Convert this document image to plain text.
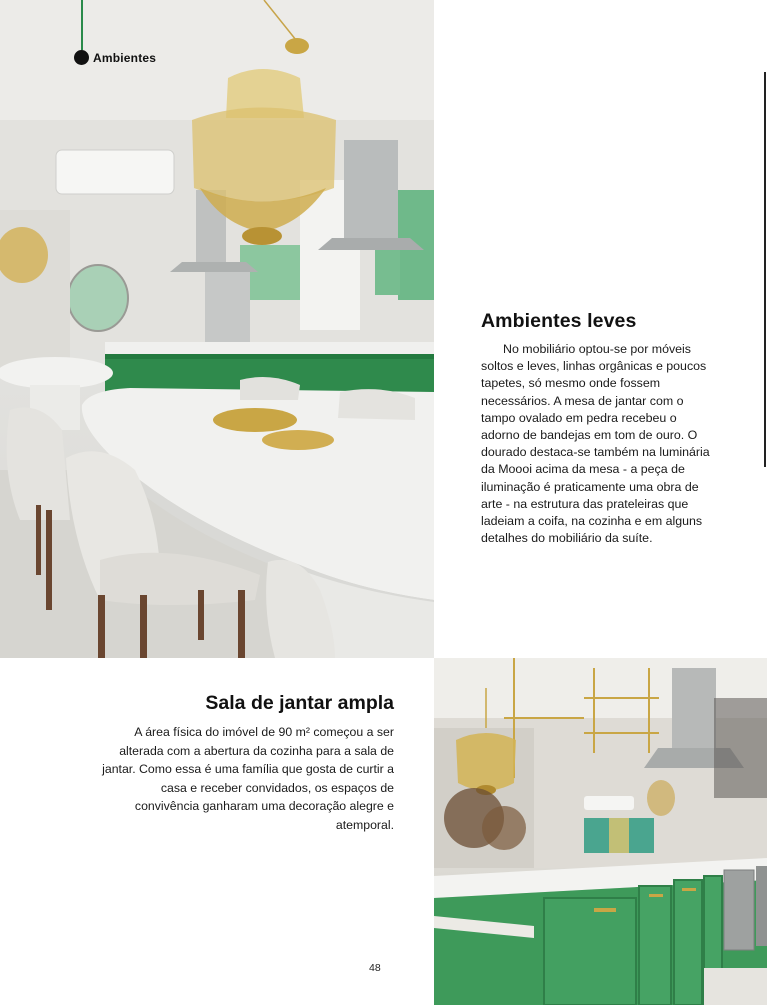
Ambientes
Ambientes leves

No mobiliário optou-se por móveis soltos e leves, linhas orgânicas e poucos tapetes, só mesmo onde fossem necessários. A mesa de jantar com o tampo ovalado em pedra recebeu o adorno de bandejas em tom de ouro. O dourado destaca-se também na luminária da Moooi acima da mesa - a peça de iluminação é praticamente uma obra de arte - na estrutura das prateleiras que ladeiam a coifa, na cozinha e em alguns detalhes do mobiliário da suíte.

Sala de jantar ampla

A área física do imóvel de 90 m² começou a ser alterada com a abertura da cozinha para a sala de jantar. Como essa é uma família que gosta de curtir a casa e receber convidados, os espaços de convivência ganharam uma decoração alegre e atemporal.

48
